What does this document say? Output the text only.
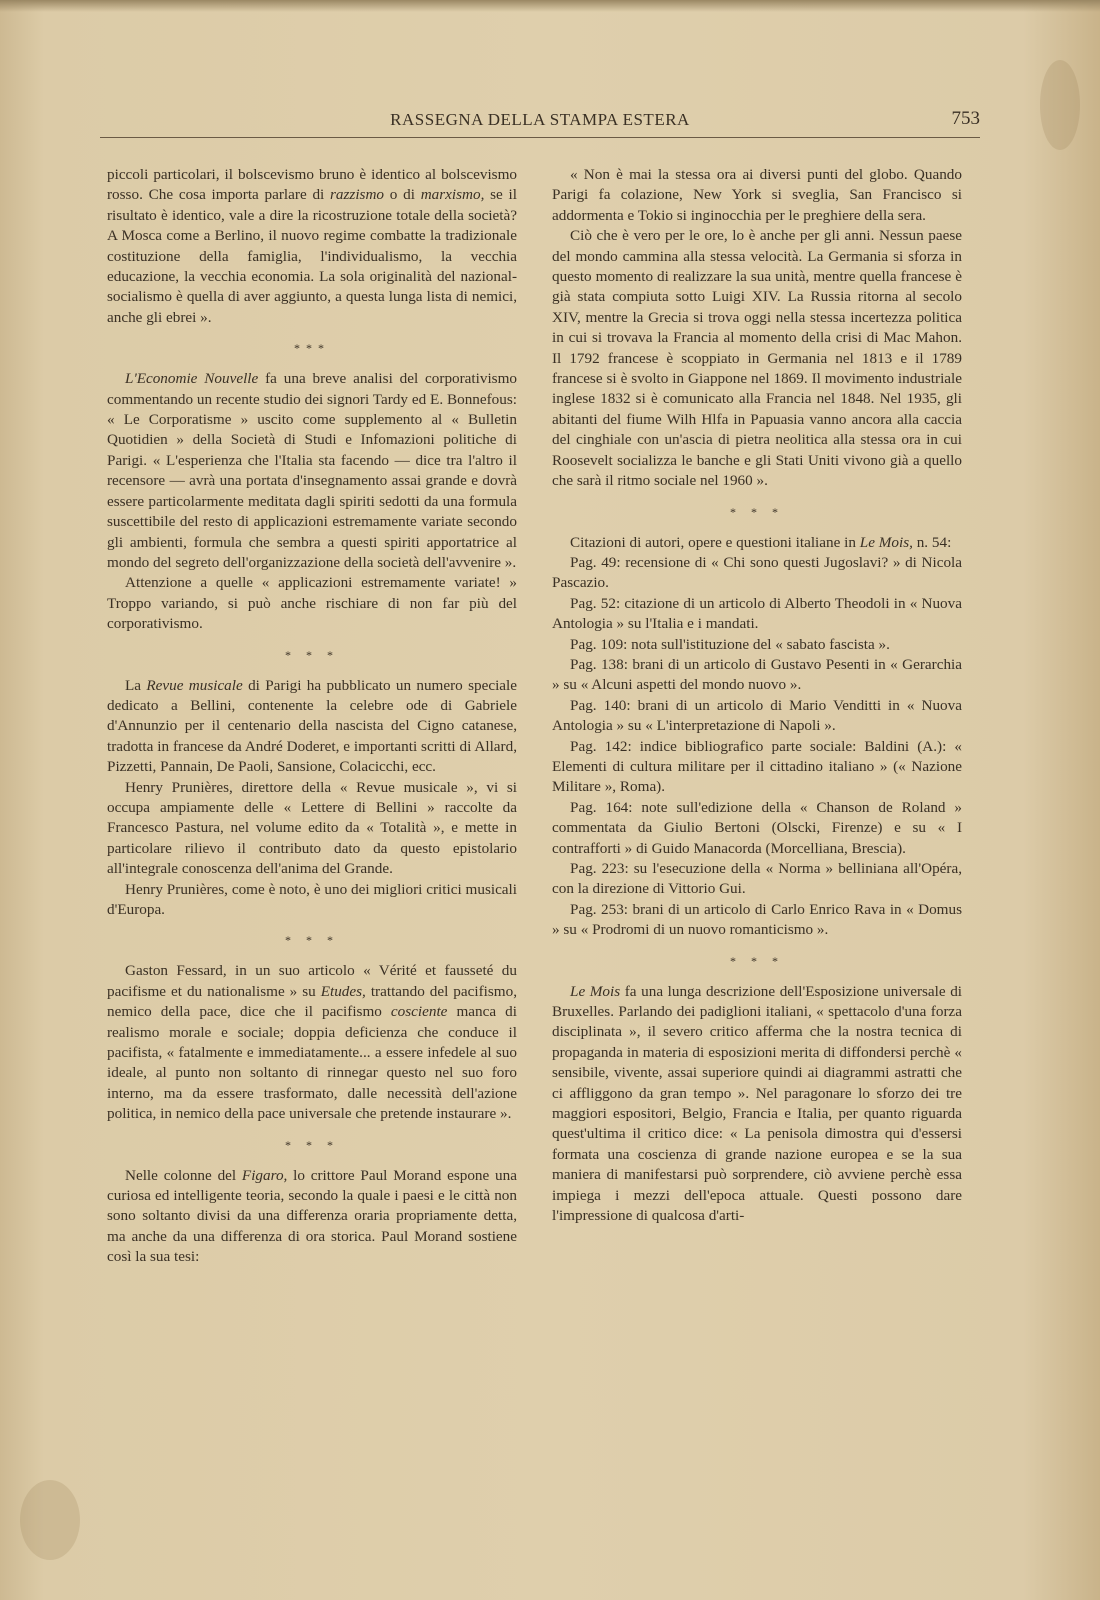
RASSEGNA DELLA STAMPA ESTERA	753

piccoli particolari, il bolscevismo bruno è identico al bolscevismo rosso. Che cosa importa parlare di razzismo o di marxismo, se il risultato è identico, vale a dire la ricostruzione totale della società? A Mosca come a Berlino, il nuovo regime combatte la tradizionale costituzione della famiglia, l'individualismo, la vecchia educazione, la vecchia economia. La sola originalità del nazional-socialismo è quella di aver aggiunto, a questa lunga lista di nemici, anche gli ebrei ».

***

L'Economie Nouvelle fa una breve analisi del corporativismo commentando un recente studio dei signori Tardy ed E. Bonnefous: « Le Corporatisme » uscito come supplemento al « Bulletin Quotidien » della Società di Studi e Infomazioni politiche di Parigi. « L'esperienza che l'Italia sta facendo — dice tra l'altro il recensore — avrà una portata d'insegnamento assai grande e dovrà essere particolarmente meditata dagli spiriti sedotti da una formula suscettibile del resto di applicazioni estremamente variate secondo gli ambienti, formula che sembra a questi spiriti apportatrice al mondo del segreto dell'organizzazione della società dell'avvenire ».

Attenzione a quelle « applicazioni estremamente variate! » Troppo variando, si può anche rischiare di non far più del corporativismo.

* * *

La Revue musicale di Parigi ha pubblicato un numero speciale dedicato a Bellini, contenente la celebre ode di Gabriele d'Annunzio per il centenario della nascista del Cigno catanese, tradotta in francese da André Doderet, e importanti scritti di Allard, Pizzetti, Pannain, De Paoli, Sansione, Colacicchi, ecc.

Henry Prunières, direttore della « Revue musicale », vi si occupa ampiamente delle « Lettere di Bellini » raccolte da Francesco Pastura, nel volume edito da « Totalità », e mette in particolare rilievo il contributo dato da questo epistolario all'integrale conoscenza dell'anima del Grande.

Henry Prunières, come è noto, è uno dei migliori critici musicali d'Europa.

* * *

Gaston Fessard, in un suo articolo « Vérité et fausseté du pacifisme et du nationalisme » su Etudes, trattando del pacifismo, nemico della pace, dice che il pacifismo cosciente manca di realismo morale e sociale; doppia deficienza che conduce il pacifista, « fatalmente e immediatamente... a essere infedele al suo ideale, al punto non soltanto di rinnegar questo nel suo foro interno, ma da essere trasformato, dalle necessità dell'azione politica, in nemico della pace universale che pretende instaurare ».

* * *

Nelle colonne del Figaro, lo crittore Paul Morand espone una curiosa ed intelligente teoria, secondo la quale i paesi e le città non sono soltanto divisi da una differenza oraria propriamente detta, ma anche da una differenza di ora storica. Paul Morand sostiene così la sua tesi:

« Non è mai la stessa ora ai diversi punti del globo. Quando Parigi fa colazione, New York si sveglia, San Francisco si addormenta e Tokio si inginocchia per le preghiere della sera.

Ciò che è vero per le ore, lo è anche per gli anni. Nessun paese del mondo cammina alla stessa velocità. La Germania si sforza in questo momento di realizzare la sua unità, mentre quella francese è già stata compiuta sotto Luigi XIV. La Russia ritorna al secolo XIV, mentre la Grecia si trova oggi nella stessa incertezza politica in cui si trovava la Francia al momento della crisi di Mac Mahon. Il 1792 francese è scoppiato in Germania nel 1813 e il 1789 francese si è svolto in Giappone nel 1869. Il movimento industriale inglese 1832 si è comunicato alla Francia nel 1848. Nel 1935, gli abitanti del fiume Wilh Hlfa in Papuasia vanno ancora alla caccia del cinghiale con un'ascia di pietra neolitica alla stessa ora in cui Roosevelt socializza le banche e gli Stati Uniti vivono già a quello che sarà il ritmo sociale nel 1960 ».

* * *

Citazioni di autori, opere e questioni italiane in Le Mois, n. 54:

Pag. 49: recensione di « Chi sono questi Jugoslavi? » di Nicola Pascazio.

Pag. 52: citazione di un articolo di Alberto Theodoli in « Nuova Antologia » su l'Italia e i mandati.

Pag. 109: nota sull'istituzione del « sabato fascista ».

Pag. 138: brani di un articolo di Gustavo Pesenti in « Gerarchia » su « Alcuni aspetti del mondo nuovo ».

Pag. 140: brani di un articolo di Mario Venditti in « Nuova Antologia » su « L'interpretazione di Napoli ».

Pag. 142: indice bibliografico parte sociale: Baldini (A.): « Elementi di cultura militare per il cittadino italiano » (« Nazione Militare », Roma).

Pag. 164: note sull'edizione della « Chanson de Roland » commentata da Giulio Bertoni (Olscki, Firenze) e su « I contrafforti » di Guido Manacorda (Morcelliana, Brescia).

Pag. 223: su l'esecuzione della « Norma » belliniana all'Opéra, con la direzione di Vittorio Gui.

Pag. 253: brani di un articolo di Carlo Enrico Rava in « Domus » su « Prodromi di un nuovo romanticismo ».

* * *

Le Mois fa una lunga descrizione dell'Esposizione universale di Bruxelles. Parlando dei padiglioni italiani, « spettacolo d'una forza disciplinata », il severo critico afferma che la nostra tecnica di propaganda in materia di esposizioni merita di diffondersi perchè « sensibile, vivente, assai superiore quindi ai diagrammi astratti che ci affliggono da gran tempo ». Nel paragonare lo sforzo dei tre maggiori espositori, Belgio, Francia e Italia, per quanto riguarda quest'ultima il critico dice: « La penisola dimostra qui d'essersi formata una coscienza di grande nazione europea e se la sua maniera di manifestarsi può sorprendere, ciò avviene perchè essa impiega i mezzi dell'epoca attuale. Questi possono dare l'impressione di qualcosa d'arti-
